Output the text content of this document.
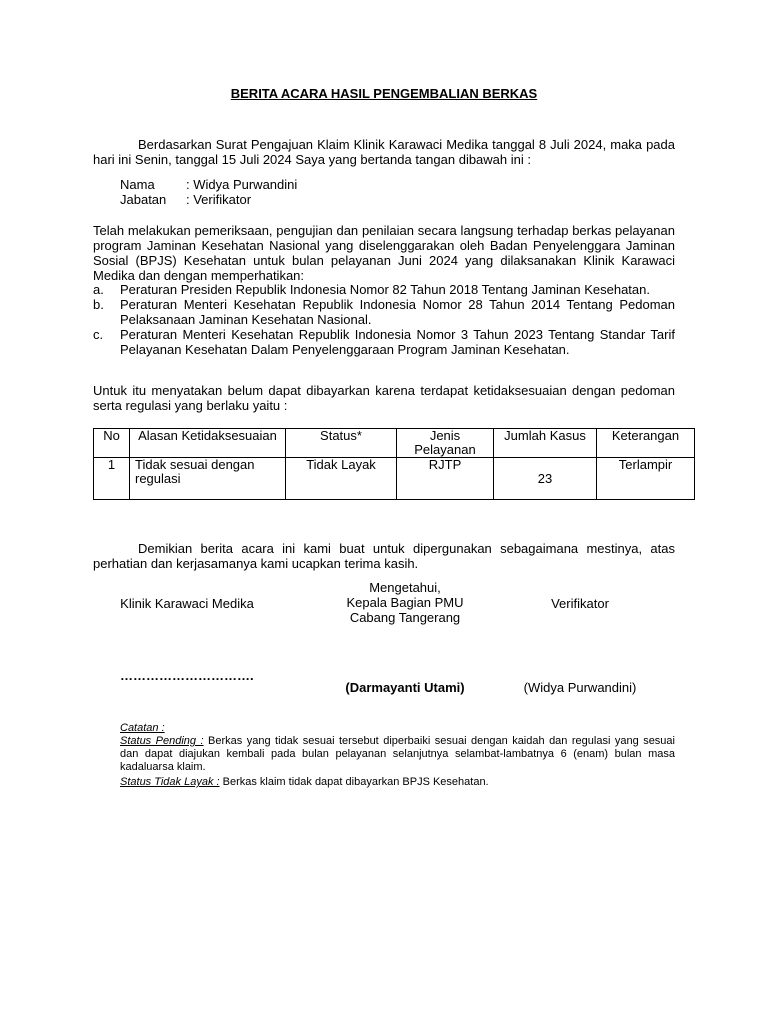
BERITA ACARA HASIL PENGEMBALIAN BERKAS
Berdasarkan Surat Pengajuan Klaim Klinik Karawaci Medika tanggal 8 Juli 2024, maka pada hari ini Senin, tanggal 15 Juli 2024 Saya yang bertanda tangan dibawah ini :
Nama : Widya Purwandini
Jabatan : Verifikator
Telah melakukan pemeriksaan, pengujian dan penilaian secara langsung terhadap berkas pelayanan program Jaminan Kesehatan Nasional yang diselenggarakan oleh Badan Penyelenggara Jaminan Sosial (BPJS) Kesehatan untuk bulan pelayanan Juni 2024 yang dilaksanakan Klinik Karawaci Medika dan dengan memperhatikan:
a.	Peraturan Presiden Republik Indonesia Nomor 82 Tahun 2018 Tentang Jaminan Kesehatan.
b.	Peraturan Menteri Kesehatan Republik Indonesia Nomor 28 Tahun 2014 Tentang Pedoman Pelaksanaan Jaminan Kesehatan Nasional.
c.	Peraturan Menteri Kesehatan Republik Indonesia Nomor 3 Tahun 2023 Tentang Standar Tarif Pelayanan Kesehatan Dalam Penyelenggaraan Program Jaminan Kesehatan.
Untuk itu menyatakan belum dapat dibayarkan karena terdapat ketidaksesuaian dengan pedoman serta regulasi yang berlaku yaitu :
No	Alasan Ketidaksesuaian	Status*	Jenis Pelayanan	Jumlah Kasus	Keterangan
1	Tidak sesuai dengan regulasi	Tidak Layak	RJTP	23	Terlampir
Demikian berita acara ini kami buat untuk dipergunakan sebagaimana mestinya, atas perhatian dan kerjasamanya kami ucapkan terima kasih.
Klinik Karawaci Medika
Mengetahui,
Kepala Bagian PMU
Cabang Tangerang
Verifikator
………………………….
(Darmayanti Utami)	(Widya Purwandini)
Catatan :
Status Pending : Berkas yang tidak sesuai tersebut diperbaiki sesuai dengan kaidah dan regulasi yang sesuai dan dapat diajukan kembali pada bulan pelayanan selanjutnya selambat-lambatnya 6 (enam) bulan masa kadaluarsa klaim.
Status Tidak Layak : Berkas klaim tidak dapat dibayarkan BPJS Kesehatan.
